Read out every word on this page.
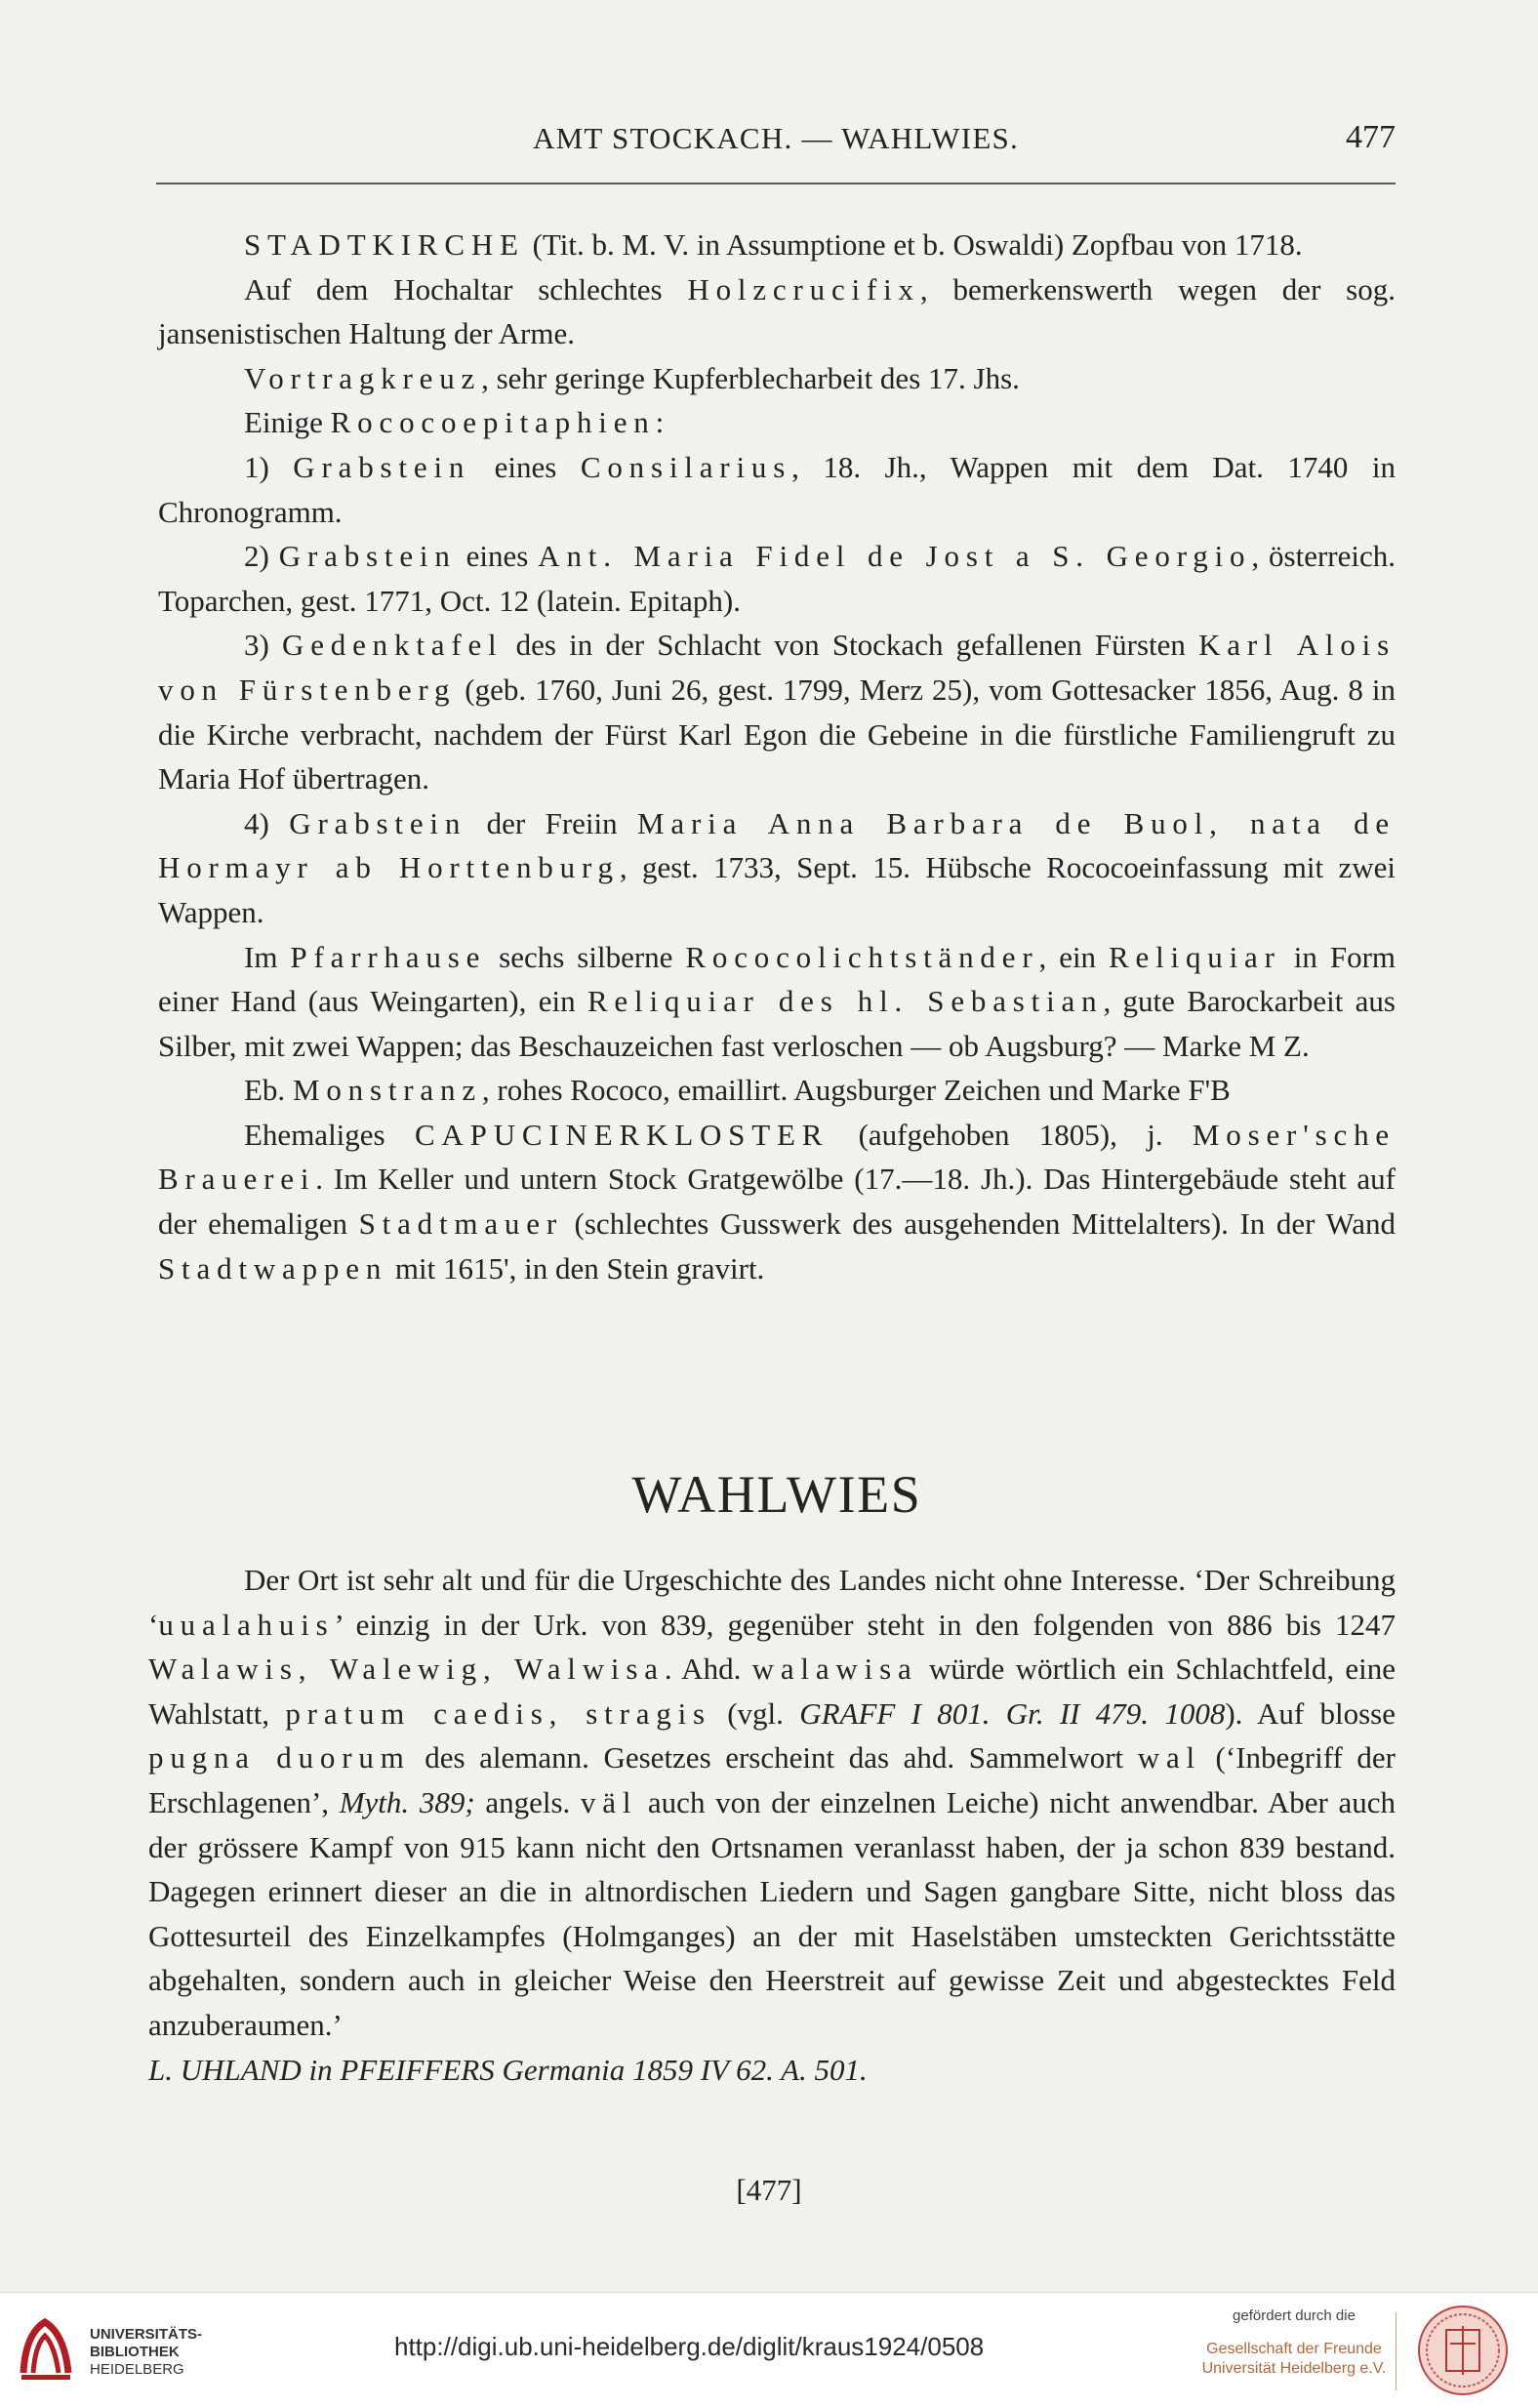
AMT STOCKACH. — WAHLWIES.	477

STADTKIRCHE (Tit. b. M. V. in Assumptione et b. Oswaldi) Zopfbau von 1718.

Auf dem Hochaltar schlechtes Holzcrucifix, bemerkenswerth wegen der sog. jansenistischen Haltung der Arme.

Vortragkreuz, sehr geringe Kupferblecharbeit des 17. Jhs.

Einige Rococoepitaphien:

1) Grabstein eines Consilarius, 18. Jh., Wappen mit dem Dat. 1740 in Chronogramm.

2) Grabstein eines Ant. Maria Fidel de Jost a S. Georgio, österreich. Toparchen, gest. 1771, Oct. 12 (latein. Epitaph).

3) Gedenktafel des in der Schlacht von Stockach gefallenen Fürsten Karl Alois von Fürstenberg (geb. 1760, Juni 26, gest. 1799, Merz 25), vom Gottesacker 1856, Aug. 8 in die Kirche verbracht, nachdem der Fürst Karl Egon die Gebeine in die fürstliche Familiengruft zu Maria Hof übertragen.

4) Grabstein der Freiin Maria Anna Barbara de Buol, nata de Hormayr ab Horttenburg, gest. 1733, Sept. 15. Hübsche Rococoeinfassung mit zwei Wappen.

Im Pfarrhause sechs silberne Rococolichtständer, ein Reliquiar in Form einer Hand (aus Weingarten), ein Reliquiar des hl. Sebastian, gute Barockarbeit aus Silber, mit zwei Wappen; das Beschauzeichen fast verloschen — ob Augsburg? — Marke M Z.

Eb. Monstranz, rohes Rococo, emaillirt. Augsburger Zeichen und Marke F'B

Ehemaliges CAPUCINERKLOSTER (aufgehoben 1805), j. Moser'sche Brauerei. Im Keller und untern Stock Gratgewölbe (17.—18. Jh.). Das Hintergebäude steht auf der ehemaligen Stadtmauer (schlechtes Gusswerk des ausgehenden Mittelalters). In der Wand Stadtwappen mit 1615', in den Stein gravirt.

WAHLWIES

Der Ort ist sehr alt und für die Urgeschichte des Landes nicht ohne Interesse. ‘Der Schreibung ‘uualahuis’ einzig in der Urk. von 839, gegenüber steht in den folgenden von 886 bis 1247 Walawis, Walewig, Walwisa. Ahd. walawisa würde wörtlich ein Schlachtfeld, eine Wahlstatt, pratum caedis, stragis (vgl. GRAFF I 801. Gr. II 479. 1008). Auf blosse pugna duorum des alemann. Gesetzes erscheint das ahd. Sammelwort wal (‘Inbegriff der Erschlagenen’, Myth. 389; angels. väl auch von der einzelnen Leiche) nicht anwendbar. Aber auch der grössere Kampf von 915 kann nicht den Ortsnamen veranlasst haben, der ja schon 839 bestand. Dagegen erinnert dieser an die in altnordischen Liedern und Sagen gangbare Sitte, nicht bloss das Gottesurteil des Einzelkampfes (Holmganges) an der mit Haselstäben umsteckten Gerichtsstätte abgehalten, sondern auch in gleicher Weise den Heerstreit auf gewisse Zeit und abgestecktes Feld anzuberaumen.’

L. UHLAND in PFEIFFERS Germania 1859 IV 62. A. 501.

[477]
UNIVERSITÄTS-
BIBLIOTHEK
HEIDELBERG
http://digi.ub.uni-heidelberg.de/diglit/kraus1924/0508
gefördert durch die
Gesellschaft der Freunde
Universität Heidelberg e.V.
